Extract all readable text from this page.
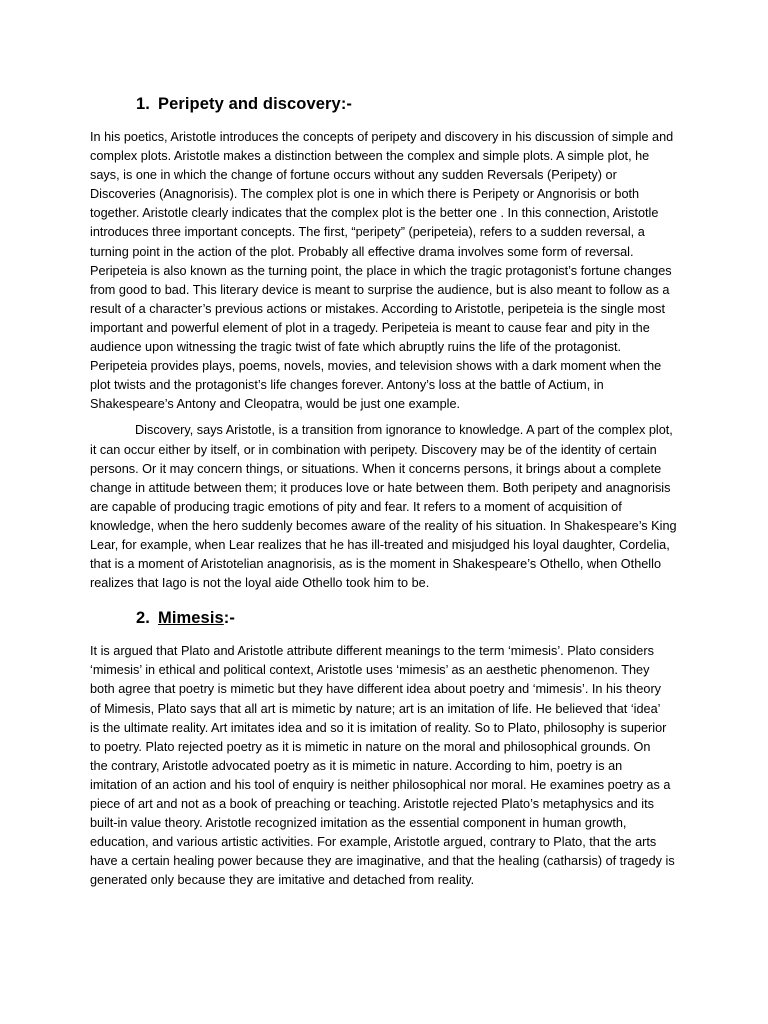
1. Peripety and discovery:-

In his poetics, Aristotle introduces the concepts of peripety and discovery in his discussion of simple and
complex plots. Aristotle makes a distinction between the complex and simple plots. A simple plot, he
says, is one in which the change of fortune occurs without any sudden Reversals (Peripety) or
Discoveries (Anagnorisis). The complex plot is one in which there is Peripety or Angnorisis or both
together. Aristotle clearly indicates that the complex plot is the better one . In this connection, Aristotle
introduces three important concepts. The first, “peripety” (peripeteia), refers to a sudden reversal, a
turning point in the action of the plot. Probably all effective drama involves some form of reversal.
Peripeteia is also known as the turning point, the place in which the tragic protagonist’s fortune changes
from good to bad. This literary device is meant to surprise the audience, but is also meant to follow as a
result of a character’s previous actions or mistakes. According to Aristotle, peripeteia is the single most
important and powerful element of plot in a tragedy. Peripeteia is meant to cause fear and pity in the
audience upon witnessing the tragic twist of fate which abruptly ruins the life of the protagonist.
Peripeteia provides plays, poems, novels, movies, and television shows with a dark moment when the
plot twists and the protagonist’s life changes forever. Antony’s loss at the battle of Actium, in
Shakespeare’s Antony and Cleopatra, would be just one example.

Discovery, says Aristotle, is a transition from ignorance to knowledge. A part of the complex plot,
it can occur either by itself, or in combination with peripety. Discovery may be of the identity of certain
persons. Or it may concern things, or situations. When it concerns persons, it brings about a complete
change in attitude between them; it produces love or hate between them. Both peripety and anagnorisis
are capable of producing tragic emotions of pity and fear. It refers to a moment of acquisition of
knowledge, when the hero suddenly becomes aware of the reality of his situation. In Shakespeare’s King
Lear, for example, when Lear realizes that he has ill-treated and misjudged his loyal daughter, Cordelia,
that is a moment of Aristotelian anagnorisis, as is the moment in Shakespeare’s Othello, when Othello
realizes that Iago is not the loyal aide Othello took him to be.

2. Mimesis:-

It is argued that Plato and Aristotle attribute different meanings to the term ‘mimesis’. Plato considers
‘mimesis’ in ethical and political context, Aristotle uses ‘mimesis’ as an aesthetic phenomenon. They
both agree that poetry is mimetic but they have different idea about poetry and ‘mimesis’. In his theory
of Mimesis, Plato says that all art is mimetic by nature; art is an imitation of life. He believed that ‘idea’
is the ultimate reality. Art imitates idea and so it is imitation of reality. So to Plato, philosophy is superior
to poetry. Plato rejected poetry as it is mimetic in nature on the moral and philosophical grounds. On
the contrary, Aristotle advocated poetry as it is mimetic in nature. According to him, poetry is an
imitation of an action and his tool of enquiry is neither philosophical nor moral. He examines poetry as a
piece of art and not as a book of preaching or teaching. Aristotle rejected Plato’s metaphysics and its
built-in value theory. Aristotle recognized imitation as the essential component in human growth,
education, and various artistic activities. For example, Aristotle argued, contrary to Plato, that the arts
have a certain healing power because they are imaginative, and that the healing (catharsis) of tragedy is
generated only because they are imitative and detached from reality.
